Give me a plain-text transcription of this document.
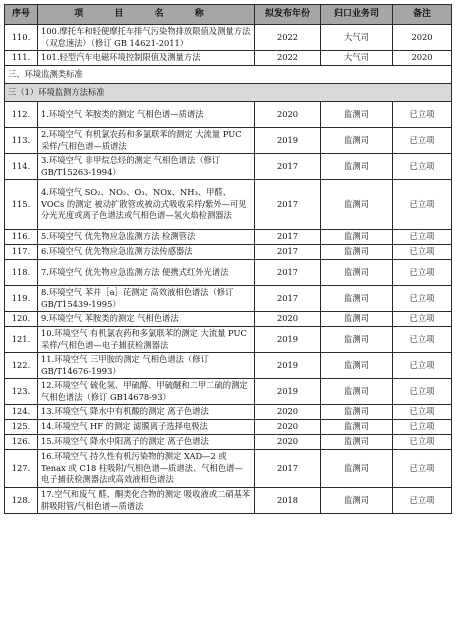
序号	项 目 名 称	拟发布年份	归口业务司	备注
110.	100.摩托车和轻便摩托车排气污染物排放限值及测量方法（双怠速法）（修订 GB 14621-2011）	2022	大气司	2020
111.	101.轻型汽车电磁环境控制限值及测量方法	2022	大气司	2020
三、环境监测类标准				
三（1）环境监测方法标准				
112.	1.环境空气 苯胺类的测定 气相色谱—质谱法	2020	监测司	已立项
113.	2.环境空气 有机氯农药和多氯联苯的测定 大流量 PUC 采样/气相色谱—质谱法	2019	监测司	已立项
114.	3.环境空气 非甲烷总烃的测定 气相色谱法（修订 GB/T15263-1994）	2017	监测司	已立项
115.	4.环境空气 SO₂、NO₂、O₃、NOx、NH₃、甲醛、VOCs 的测定 被动扩散管或被动式吸收采样/紫外—可见分光光度或离子色谱法或气相色谱—氢火焰检测器法	2017	监测司	已立项
116.	5.环境空气 优先物应急监测方法 检测管法	2017	监测司	已立项
117.	6.环境空气 优先物应急监测方法传感器法	2017	监测司	已立项
118.	7.环境空气 优先物应急监测方法 便携式红外光谱法	2017	监测司	已立项
119.	8.环境空气 苯并［a］芘测定 高效液相色谱法（修订 GB/T15439-1995）	2017	监测司	已立项
120.	9.环境空气 苯胺类的测定 气相色谱法	2020	监测司	已立项
121.	10.环境空气 有机氯农药和多氯联苯的测定 大流量 PUC 采样/气相色谱—电子捕获检测器法	2019	监测司	已立项
122.	11.环境空气 三甲胺的测定 气相色谱法（修订 GB/T14676-1993）	2019	监测司	已立项
123.	12.环境空气 硫化氢、甲硫醇、甲硫醚和二甲二硫的测定 气相色谱法（修订 GB14678-93）	2019	监测司	已立项
124.	13.环境空气 降水中有机酸的测定 离子色谱法	2020	监测司	已立项
125.	14.环境空气 HF 的测定 滤膜离子选择电极法	2020	监测司	已立项
126.	15.环境空气 降水中阳离子的测定 离子色谱法	2020	监测司	已立项
127.	16.环境空气 持久性有机污染物的测定 XAD—2 或 Tenax 或 C18 柱吸附/气相色谱—质谱法、气相色谱—电子捕获检测器法或高效液相色谱法	2017	监测司	已立项
128.	17.空气和废气 醛、酮类化合物的测定 吸收液或二硝基苯肼吸附管/气相色谱—质谱法	2018	监测司	已立项
